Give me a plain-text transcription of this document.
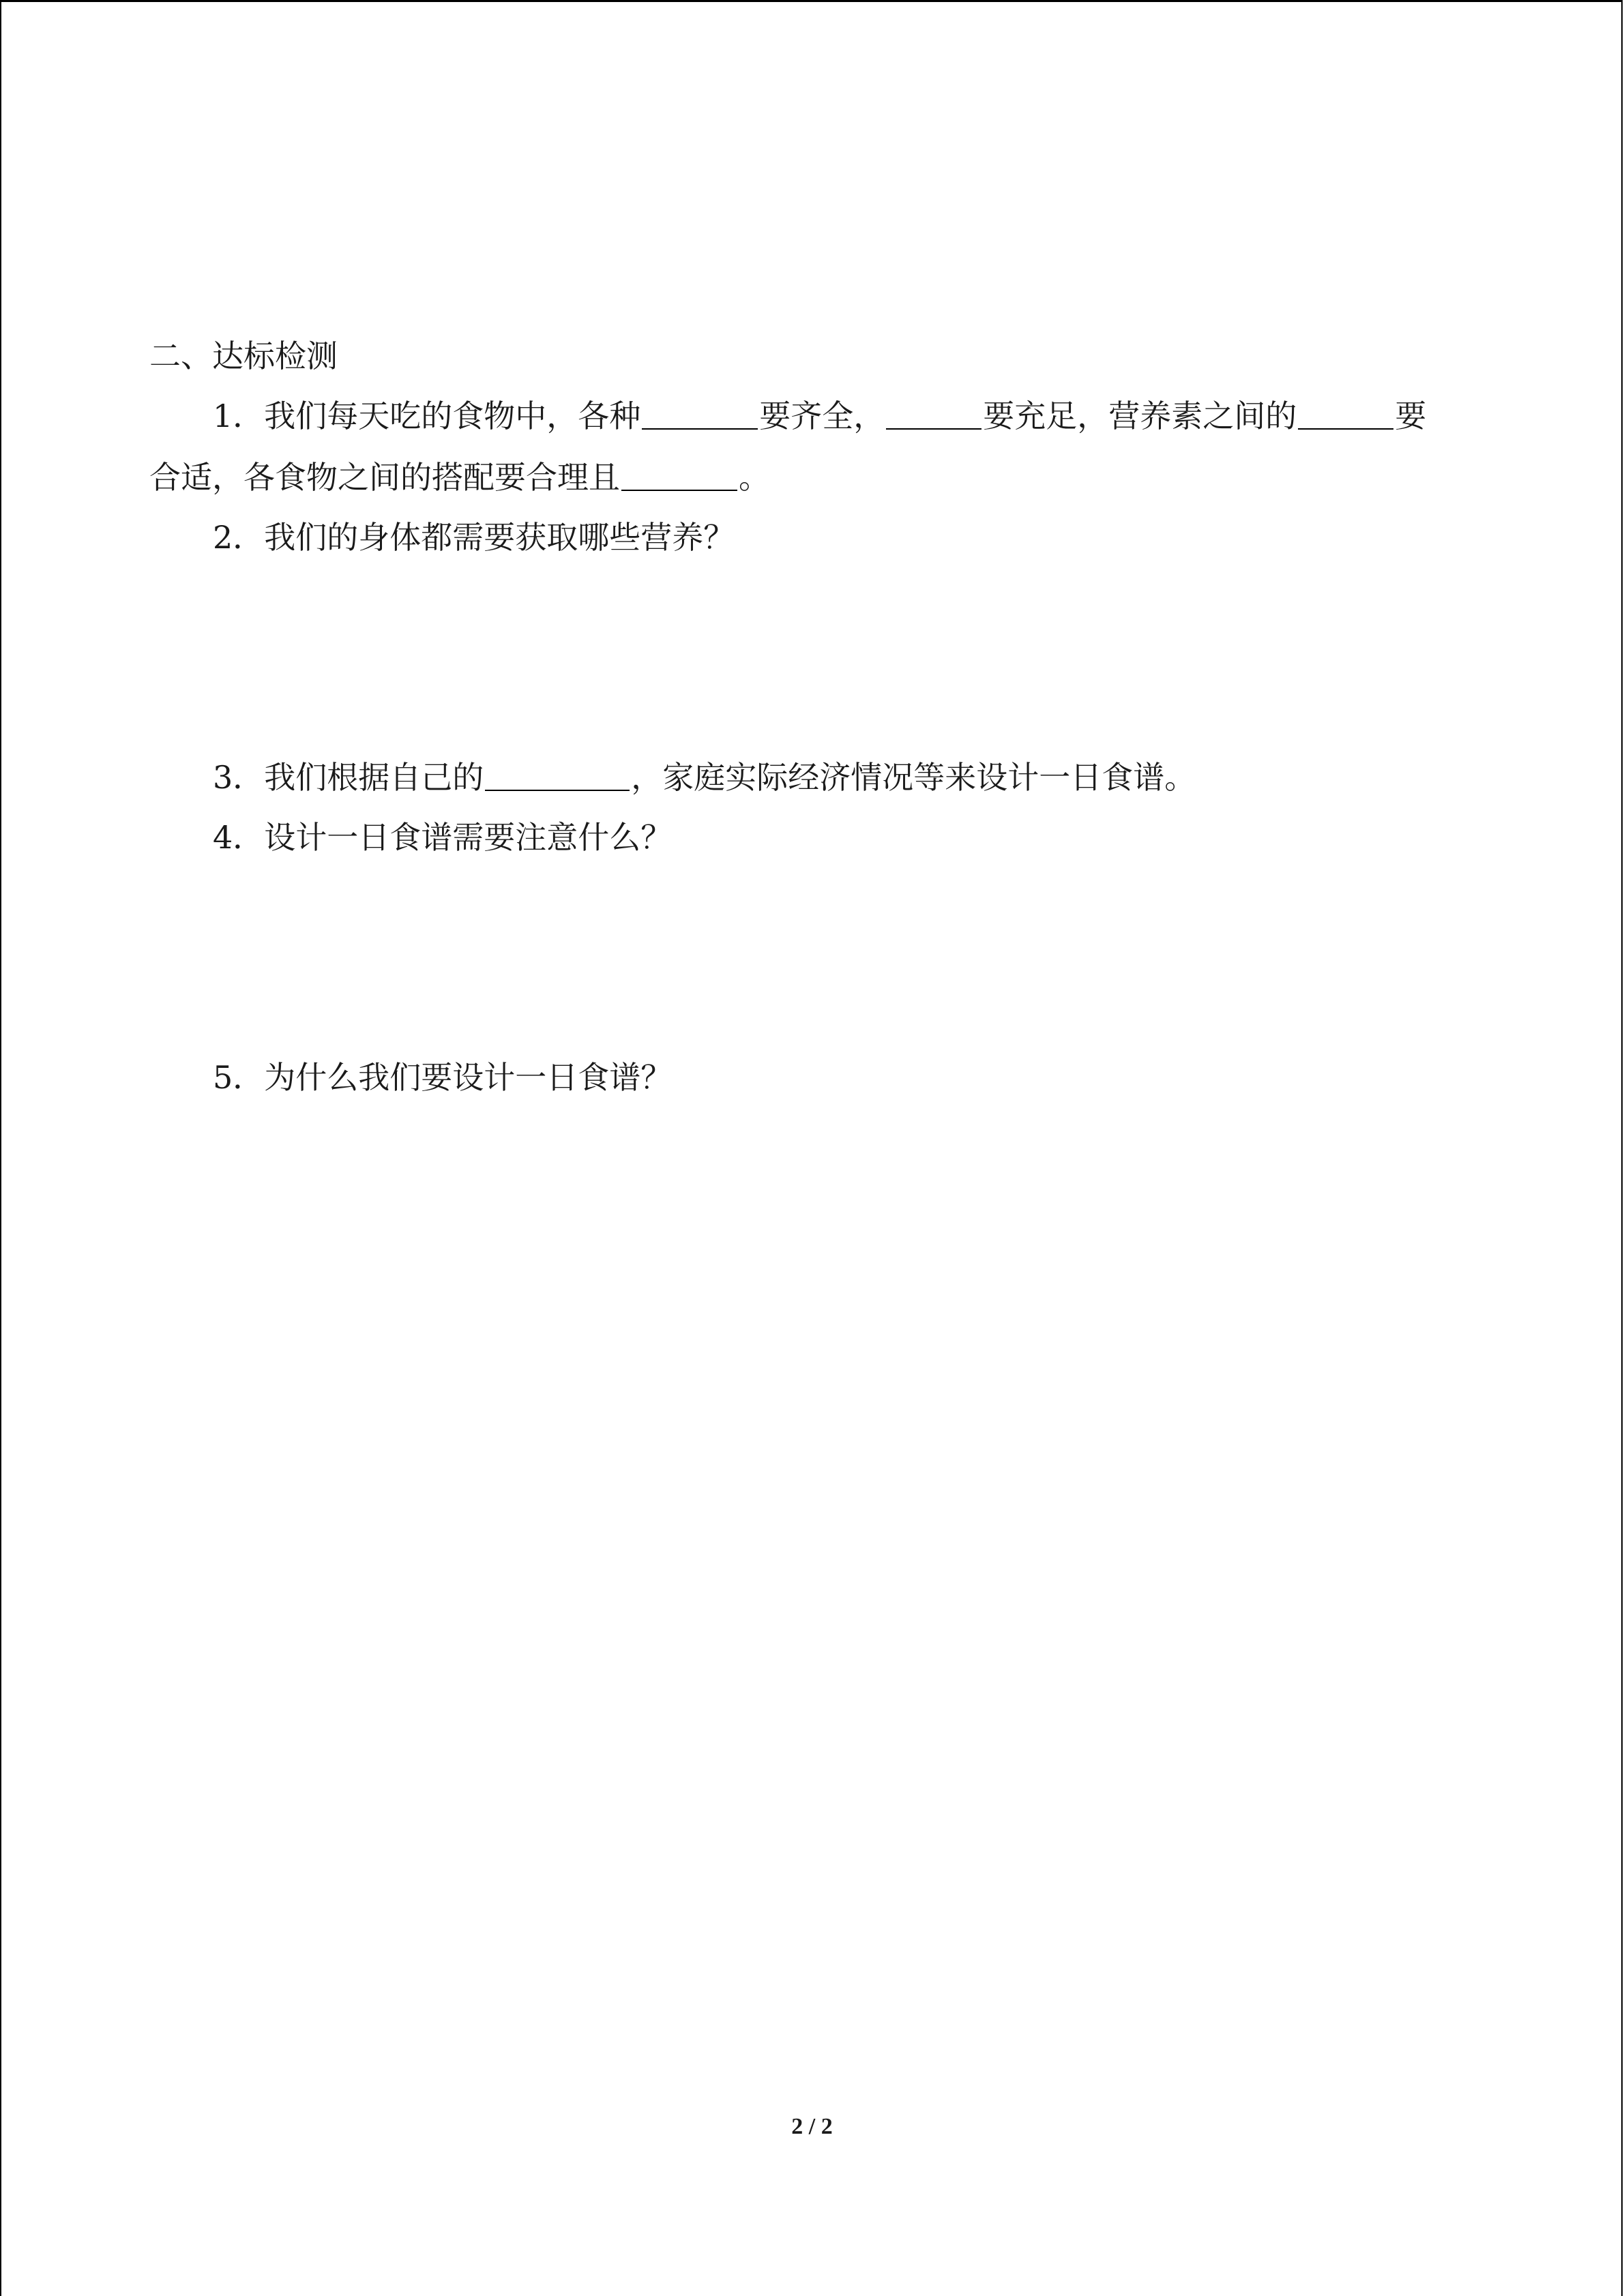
二、达标检测
1．我们每天吃的食物中，各种	要齐全，	要充足，营养素之间的	要
合适，各食物之间的搭配要合理且	。
2．我们的身体都需要获取哪些营养？
3．我们根据自己的	，家庭实际经济情况等来设计一日食谱。
4．设计一日食谱需要注意什么？
5．为什么我们要设计一日食谱？
2 / 2
